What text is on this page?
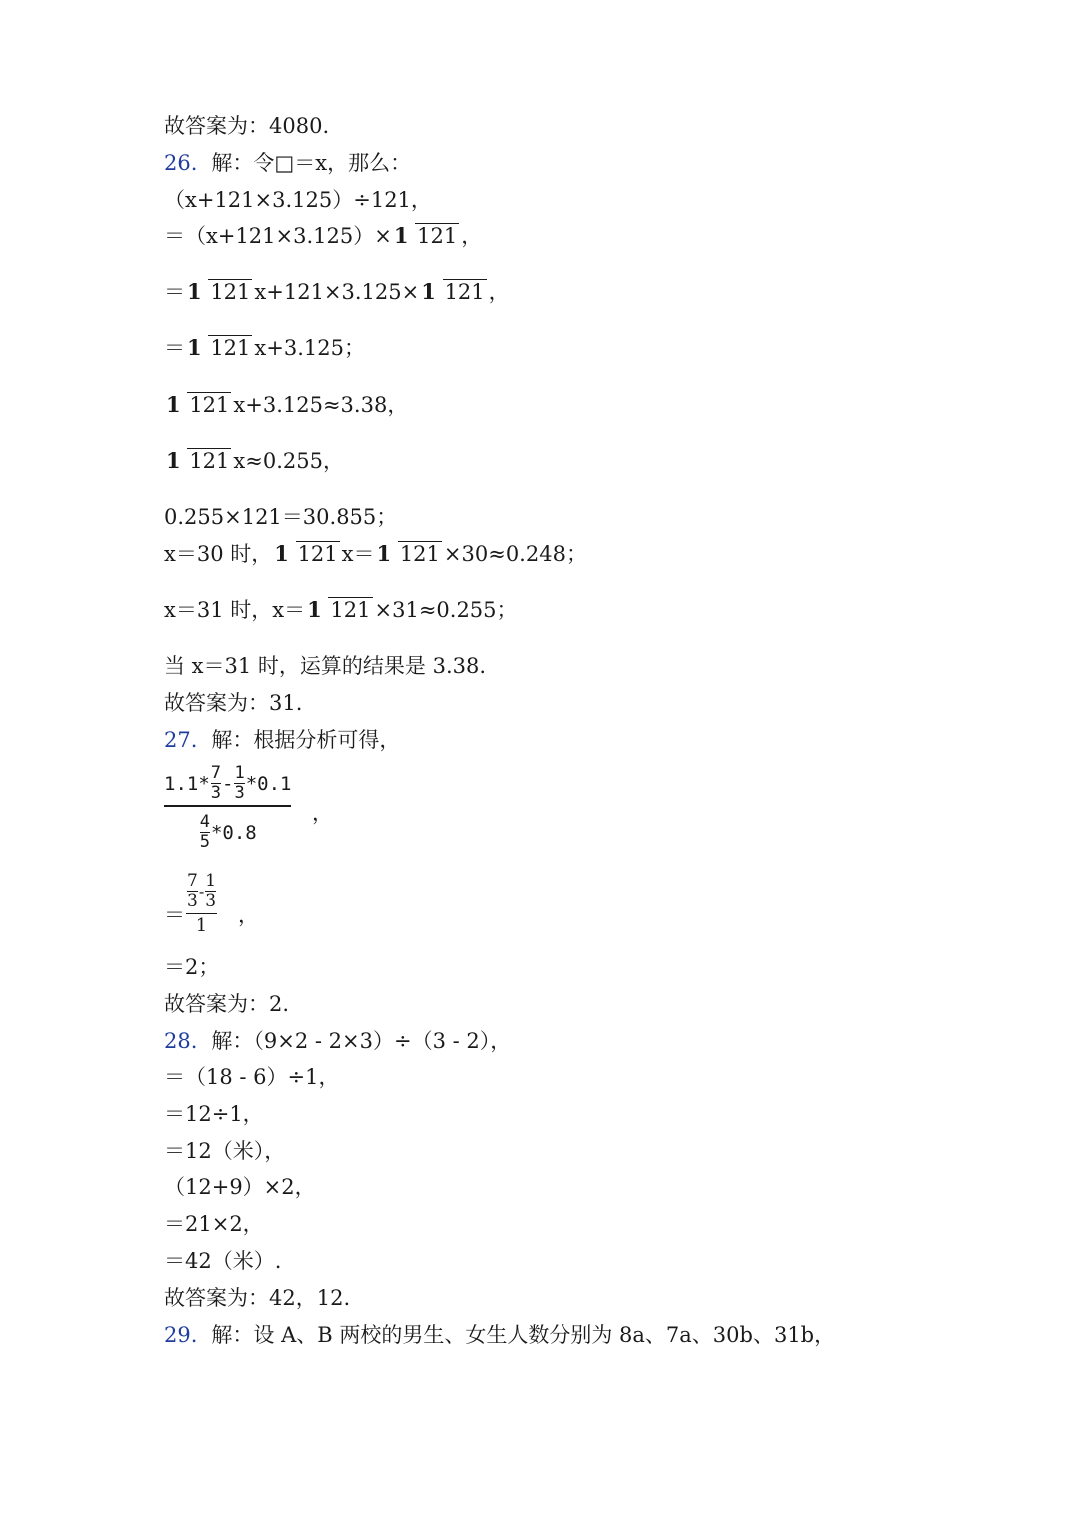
故答案为：4080.
26. 解：令□＝x，那么：
（x+121×3.125）÷121，
＝（x+121×3.125）× 1 121 ，
＝ 1 121 x+121×3.125× 1 121 ，
＝ 1 121 x+3.125；
1 121 x+3.125≈3.38，
1 121 x≈0.255，
0.255×121＝30.855；
x＝30 时， 1 121 x＝ 1 121 ×30≈0.248；
x＝31 时，x＝ 1 121 ×31≈0.255；
当 x＝31 时，运算的结果是 3.38.
故答案为：31.
27. 解：根据分析可得，
$1.1* \frac{7}{3} - \frac{1}{3} *0.1$
$\frac{4}{5} *0.8$
，
＝
$\frac{7}{3} - \frac{1}{3}$
1 ，
＝2；
故答案为：2.
28. 解：（9×2 - 2×3）÷（3 - 2），
＝（18 - 6）÷1，
＝12÷1，
＝12（米），
（12+9）×2，
＝21×2，
＝42（米）.
故答案为：42，12.
29. 解：设 A、B 两校的男生、女生人数分别为 8a、7a、30b、31b，
